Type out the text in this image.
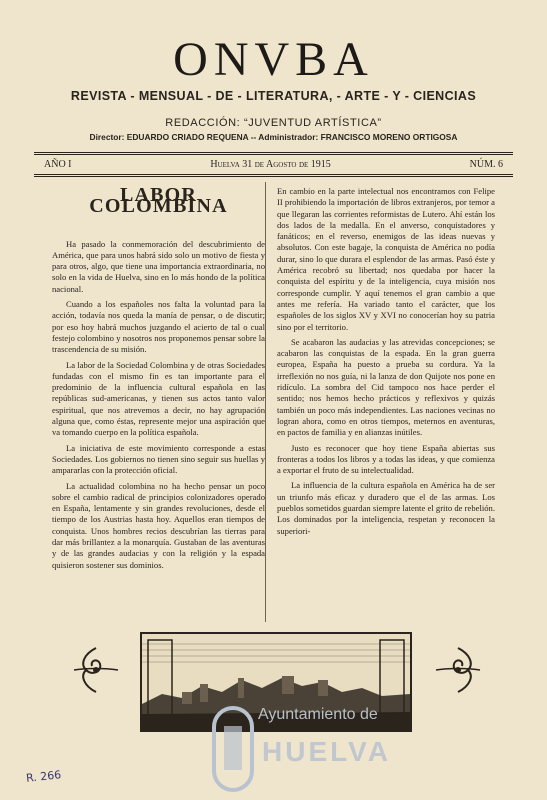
ONVBA
REVISTA - MENSUAL - DE - LITERATURA, - ARTE - Y - CIENCIAS
REDACCIÓN: “JUVENTUD ARTÍSTICA”
Director: EDUARDO CRIADO REQUENA -- Administrador: FRANCISCO MORENO ORTIGOSA
AÑO I	Huelva 31 de Agosto de 1915	NÚM. 6
LABOR COLOMBINA

Ha pasado la conmemoración del descubrimiento de América, que para unos habrá sido solo un motivo de fiesta y para otros, algo, que tiene una importancia extraordinaria, no solo en la vida de Huelva, sino en lo más hondo de la política nacional.

Cuando a los españoles nos falta la voluntad para la acción, todavía nos queda la manía de pensar, o de discutir; por eso hoy habrá muchos juzgando el acierto de tal o cual festejo colombino y nosotros nos proponemos pensar sobre la trascendencia de su misión.

La labor de la Sociedad Colombina y de otras Sociedades fundadas con el mismo fin es tan importante para el predominio de la influencia cultural española en las repúblicas sud-americanas, y tienen sus actos tanto valor espiritual, que nos atrevemos a decir, no hay agrupación alguna que, como éstas, represente mejor una aspiración que va tomando cuerpo en la política española.

La iniciativa de este movimiento corresponde a estas Sociedades. Los gobiernos no tienen sino seguir sus huellas y ampararlas con la protección oficial.

La actualidad colombina no ha hecho pensar un poco sobre el cambio radical de principios colonizadores operado en España, lentamente y sin grandes revoluciones, desde el tiempo de los Austrias hasta hoy. Aquellos eran tiempos de conquista. Unos hombres recios descubrían las tierras para dar más brillantez a la monarquía. Gustaban de las aventuras y de las grandes audacias y con la religión y la espada quisieron sostener sus dominios.

En cambio en la parte intelectual nos encontramos con Felipe II prohibiendo la importación de libros extranjeros, por temor a que llegaran las corrientes reformistas de Lutero. Ahí están los dos lados de la medalla. En el anverso, conquistadores y fanáticos; en el reverso, enemigos de las ideas nuevas y absolutos. Con este bagaje, la conquista de América no podía durar, sino lo que durara el esplendor de las armas. Pasó éste y América recobró su libertad; nos quedaba por hacer la conquista del espíritu y de la inteligencia, cuya misión nos corresponde cumplir. Y aquí tenemos el gran cambio a que antes me refería. Ha variado tanto el carácter, que los españoles de los siglos XV y XVI no conocerían hoy su patria sino por el territorio.

Se acabaron las audacias y las atrevidas concepciones; se acabaron las conquistas de la espada. En la gran guerra europea, España ha puesto a prueba su cordura. Ya la irreflexión no nos guía, ni la lanza de don Quijote nos pone en ridículo. La sombra del Cid tampoco nos hace perder el sentido; nos hemos hecho prácticos y reflexivos y quizás también un poco más independientes. Las naciones vecinas no logran ahora, como en otros tiempos, meternos en aventuras, en pactos de familia y en alianzas inútiles.

Justo es reconocer que hoy tiene España abiertas sus fronteras a todos los libros y a todas las ideas, y que comienza a exportar el fruto de su intelectualidad.

La influencia de la cultura española en América ha de ser un triunfo más eficaz y duradero que el de las armas. Los pueblos sometidos guardan siempre latente el grito de rebelión. Los dominados por la inteligencia, respetan y reconocen la superiori-

Ayuntamiento de
HUELVA
R. 266
